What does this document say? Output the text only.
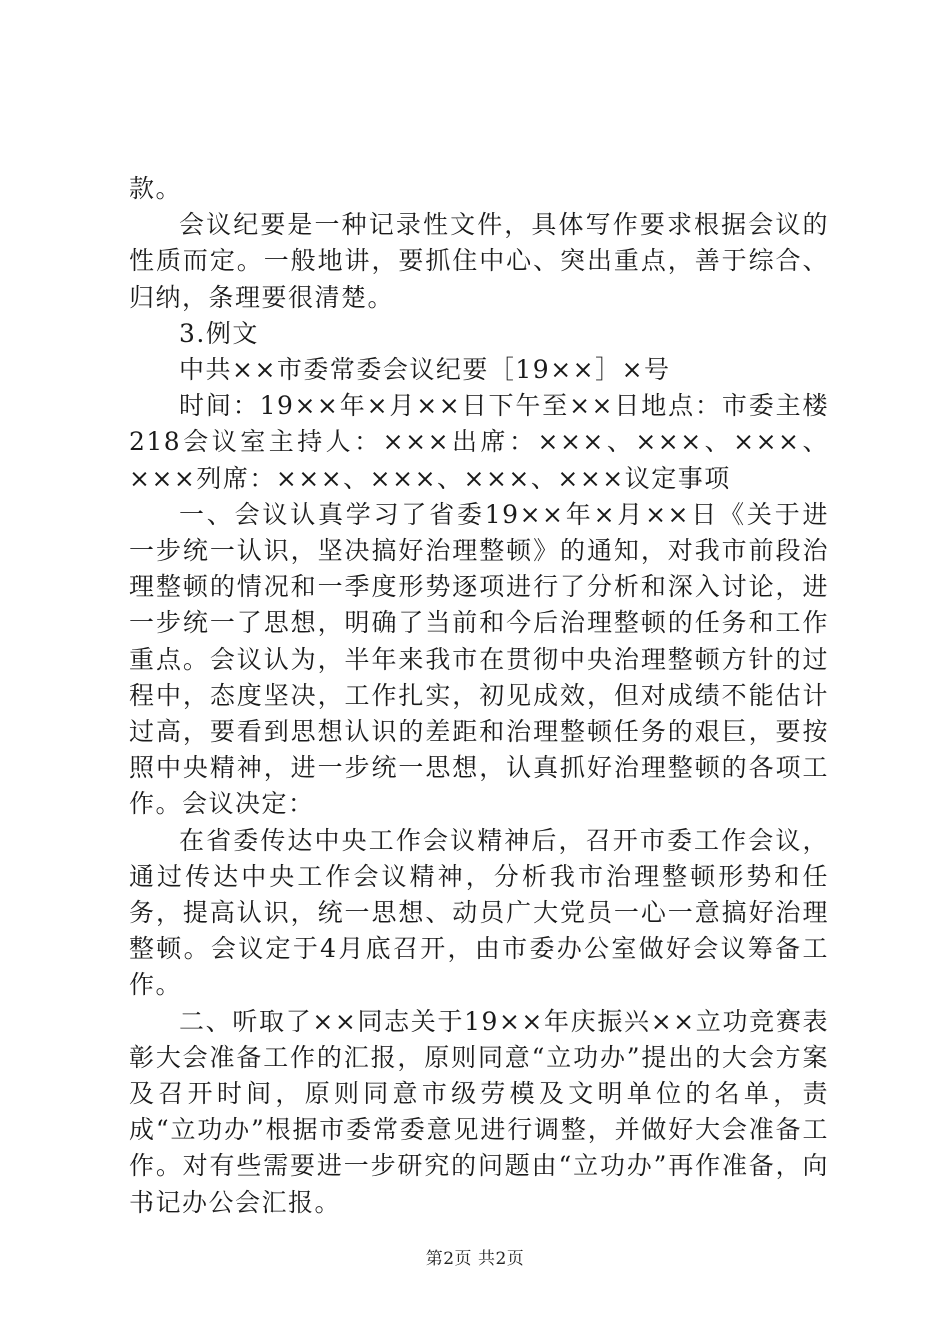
款。

会议纪要是一种记录性文件，具体写作要求根据会议的性质而定。一般地讲，要抓住中心、突出重点，善于综合、归纳，条理要很清楚。

3.例文

中共××市委常委会议纪要［19××］×号

时间：19××年×月××日下午至××日地点：市委主楼218会议室主持人：×××出席：×××、×××、×××、×××列席：×××、×××、×××、×××议定事项

一、会议认真学习了省委19××年×月××日《关于进一步统一认识，坚决搞好治理整顿》的通知，对我市前段治理整顿的情况和一季度形势逐项进行了分析和深入讨论，进一步统一了思想，明确了当前和今后治理整顿的任务和工作重点。会议认为，半年来我市在贯彻中央治理整顿方针的过程中，态度坚决，工作扎实，初见成效，但对成绩不能估计过高，要看到思想认识的差距和治理整顿任务的艰巨，要按照中央精神，进一步统一思想，认真抓好治理整顿的各项工作。会议决定：

在省委传达中央工作会议精神后，召开市委工作会议，通过传达中央工作会议精神，分析我市治理整顿形势和任务，提高认识，统一思想、动员广大党员一心一意搞好治理整顿。会议定于4月底召开，由市委办公室做好会议筹备工作。

二、听取了××同志关于19××年庆振兴××立功竞赛表彰大会准备工作的汇报，原则同意“立功办”提出的大会方案及召开时间，原则同意市级劳模及文明单位的名单，责成“立功办”根据市委常委意见进行调整，并做好大会准备工作。对有些需要进一步研究的问题由“立功办”再作准备，向书记办公会汇报。

第2页 共2页
